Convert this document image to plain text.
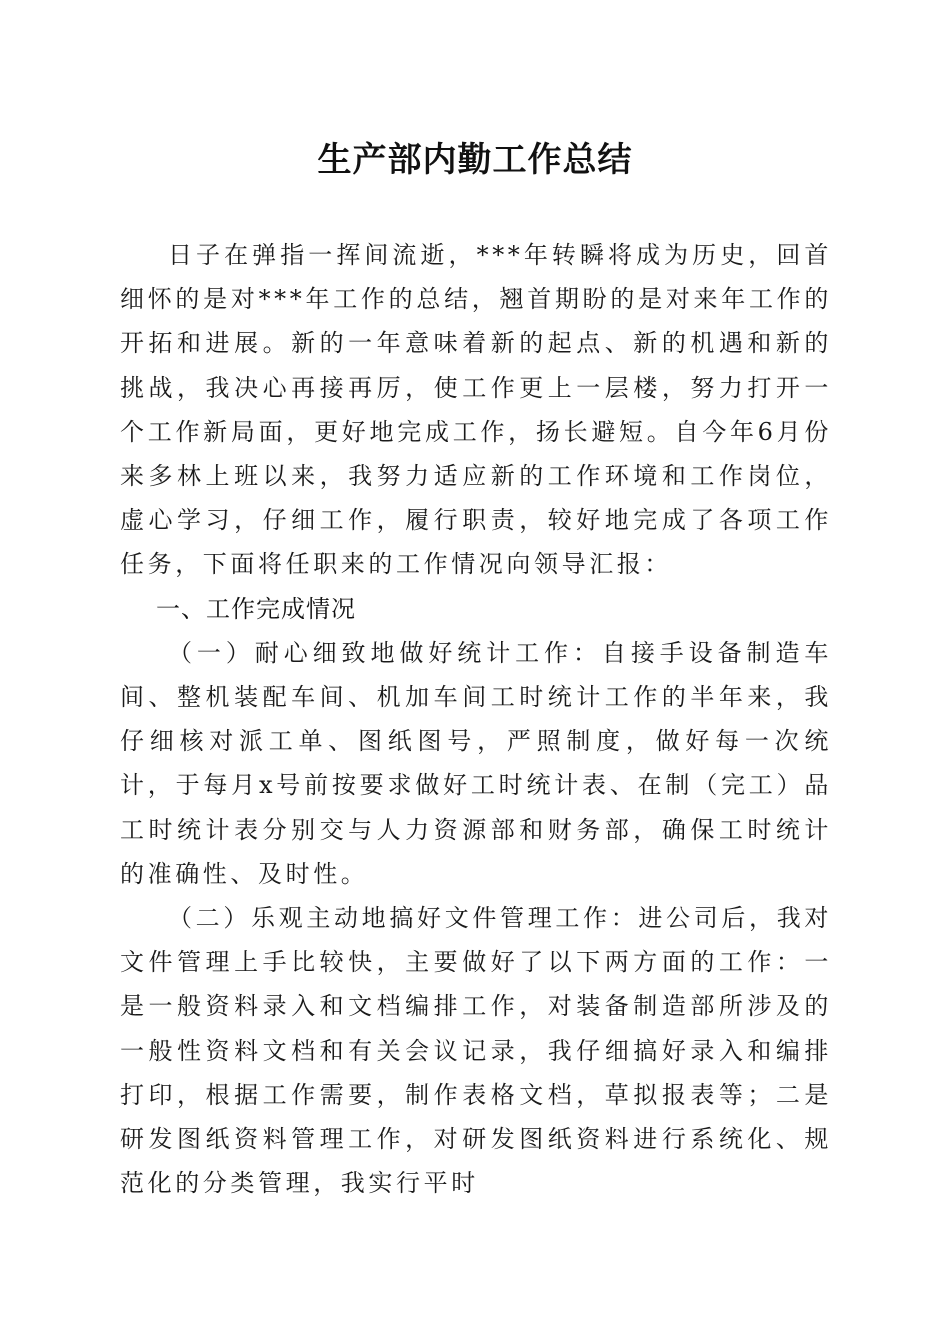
生产部内勤工作总结

日子在弹指一挥间流逝，***年转瞬将成为历史，回首细怀的是对***年工作的总结，翘首期盼的是对来年工作的开拓和进展。新的一年意味着新的起点、新的机遇和新的挑战，我决心再接再厉，使工作更上一层楼，努力打开一个工作新局面，更好地完成工作，扬长避短。自今年6月份来多林上班以来，我努力适应新的工作环境和工作岗位，虚心学习，仔细工作，履行职责，较好地完成了各项工作任务，下面将任职来的工作情况向领导汇报：

一、工作完成情况

（一）耐心细致地做好统计工作：自接手设备制造车间、整机装配车间、机加车间工时统计工作的半年来，我仔细核对派工单、图纸图号，严照制度，做好每一次统计，于每月x号前按要求做好工时统计表、在制（完工）品工时统计表分别交与人力资源部和财务部，确保工时统计的准确性、及时性。

（二）乐观主动地搞好文件管理工作：进公司后，我对文件管理上手比较快，主要做好了以下两方面的工作：一是一般资料录入和文档编排工作，对装备制造部所涉及的一般性资料文档和有关会议记录，我仔细搞好录入和编排打印，根据工作需要，制作表格文档，草拟报表等；二是研发图纸资料管理工作，对研发图纸资料进行系统化、规范化的分类管理，我实行平时
